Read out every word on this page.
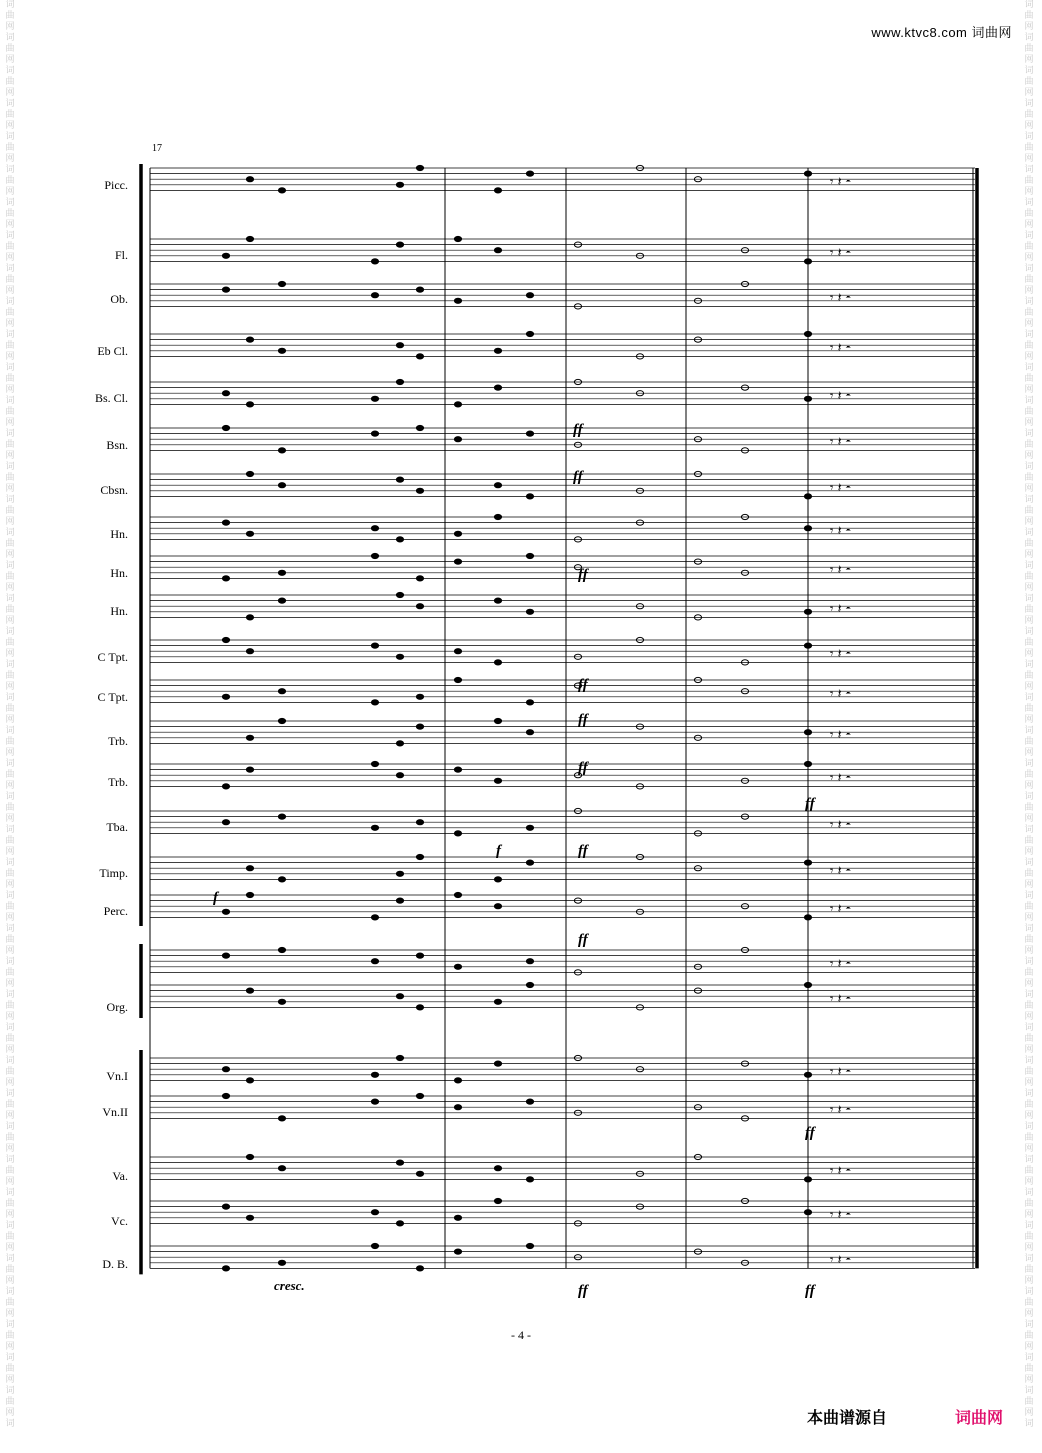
www.ktvc8.com 词曲网
词
曲
网
词
曲
网
词
曲
网
词
曲
网
词
曲
网
词
曲
网
词
曲
网
词
曲
网
词
曲
网
词
曲
网
词
曲
网
词
曲
网
词
曲
网
词
曲
网
词
曲
网
词
曲
网
词
曲
网
词
曲
网
词
曲
网
词
曲
网
词
曲
网
词
曲
网
词
曲
网
词
曲
网
词
曲
网
词
曲
网
词
曲
网
词
曲
网
词
曲
网
词
曲
网
词
曲
网
词
曲
网
词
曲
网
词
曲
网
词
曲
网
词
曲
网
词
曲
网
词
曲
网
词
曲
网
词
曲
网
词
曲
网
词
曲
网
词
曲
网
词

词
曲
网
词
曲
网
词
曲
网
词
曲
网
词
曲
网
词
曲
网
词
曲
网
词
曲
网
词
曲
网
词
曲
网
词
曲
网
词
曲
网
词
曲
网
词
曲
网
词
曲
网
词
曲
网
词
曲
网
词
曲
网
词
曲
网
词
曲
网
词
曲
网
词
曲
网
词
曲
网
词
曲
网
词
曲
网
词
曲
网
词
曲
网
词
曲
网
词
曲
网
词
曲
网
词
曲
网
词
曲
网
词
曲
网
词
曲
网
词
曲
网
词
曲
网
词
曲
网
词
曲
网
词
曲
网
词
曲
网
词
曲
网
词
曲
网
词
曲
网
词

17
Picc.
Fl.
Ob.
Eb Cl.
Bs. Cl.
Bsn.
Cbsn.
Hn.
Hn.
Hn.
C Tpt.
C Tpt.
Trb.
Trb.
Tba.
Timp.
Perc.
Org.
Vn.I
Vn.II
Va.
Vc.
D. B.
𝄾 𝄽 𝄼
𝄾 𝄽 𝄼
𝄾 𝄽 𝄼
𝄾 𝄽 𝄼
𝄾 𝄽 𝄼
𝄾 𝄽 𝄼
𝄾 𝄽 𝄼
𝄾 𝄽 𝄼
𝄾 𝄽 𝄼
𝄾 𝄽 𝄼
𝄾 𝄽 𝄼
𝄾 𝄽 𝄼
𝄾 𝄽 𝄼
𝄾 𝄽 𝄼
𝄾 𝄽 𝄼
𝄾 𝄽 𝄼
𝄾 𝄽 𝄼
𝄾 𝄽 𝄼
𝄾 𝄽 𝄼
𝄾 𝄽 𝄼
𝄾 𝄽 𝄼
𝄾 𝄽 𝄼
𝄾 𝄽 𝄼
𝄾 𝄽 𝄼
ff
ff
ff
ff
ff
ff
ff
ff
ff
ff
ff	ff
f
f
cresc.
- 4 -
本曲谱源自	词曲网
